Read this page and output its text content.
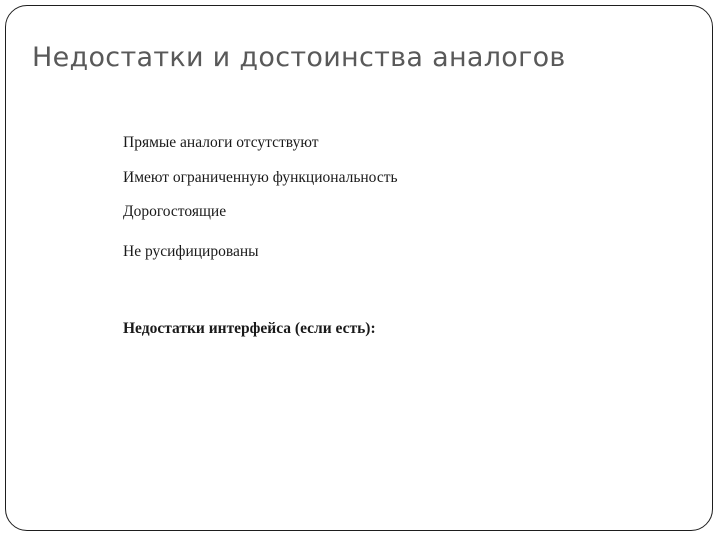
Недостатки и достоинства аналогов

Прямые аналоги отсутствуют

Имеют ограниченную функциональность

Дорогостоящие

Не русифицированы

Недостатки интерфейса (если есть):
